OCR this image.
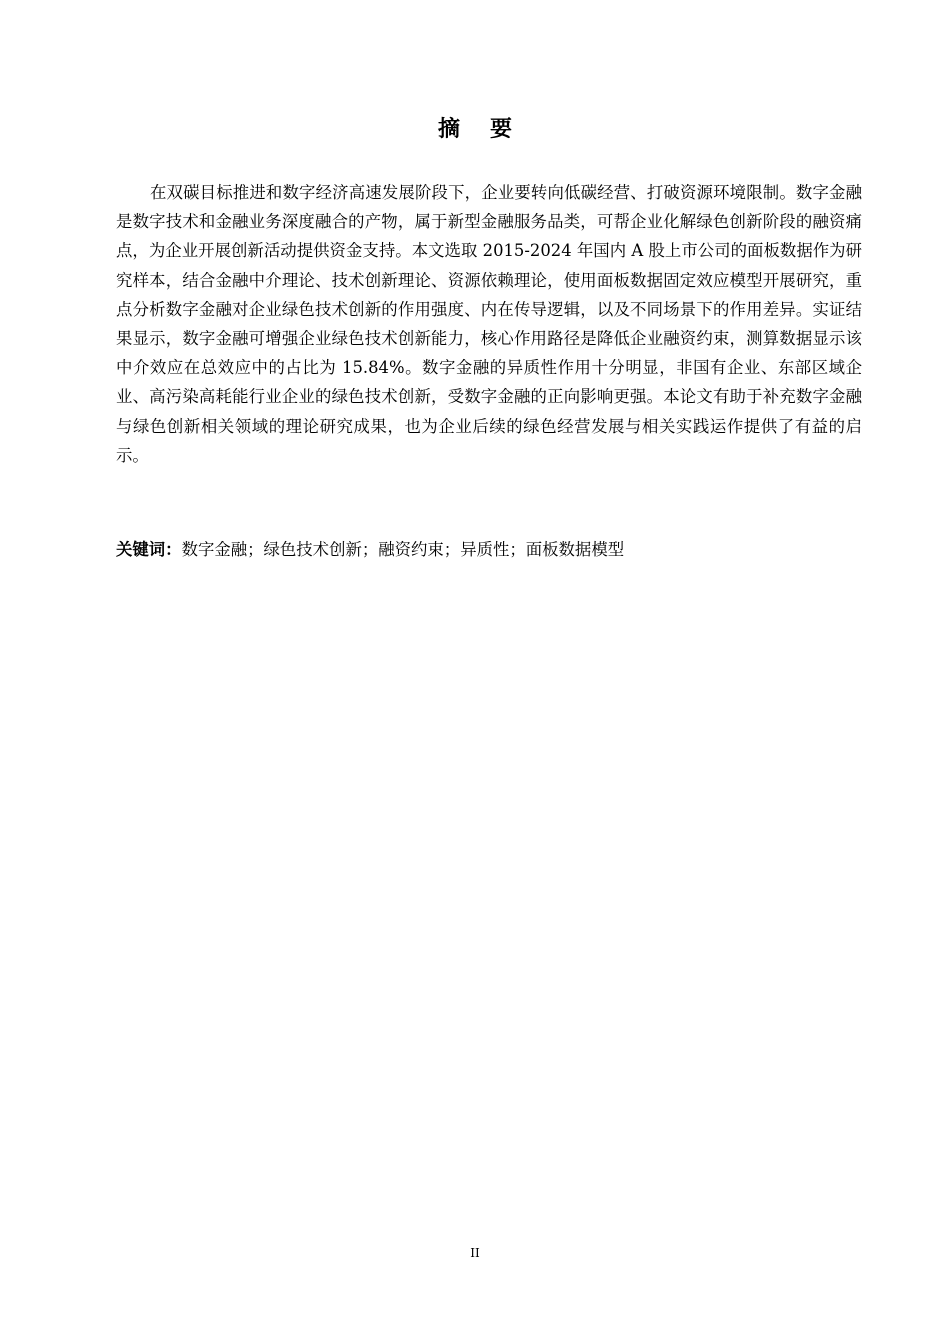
摘要

在双碳目标推进和数字经济高速发展阶段下，企业要转向低碳经营、打破资源环境限制。数字金融是数字技术和金融业务深度融合的产物，属于新型金融服务品类，可帮企业化解绿色创新阶段的融资痛点，为企业开展创新活动提供资金支持。本文选取 2015-2024 年国内 A 股上市公司的面板数据作为研究样本，结合金融中介理论、技术创新理论、资源依赖理论，使用面板数据固定效应模型开展研究，重点分析数字金融对企业绿色技术创新的作用强度、内在传导逻辑，以及不同场景下的作用差异。实证结果显示，数字金融可增强企业绿色技术创新能力，核心作用路径是降低企业融资约束，测算数据显示该中介效应在总效应中的占比为 15.84%。数字金融的异质性作用十分明显，非国有企业、东部区域企业、高污染高耗能行业企业的绿色技术创新，受数字金融的正向影响更强。本论文有助于补充数字金融与绿色创新相关领域的理论研究成果，也为企业后续的绿色经营发展与相关实践运作提供了有益的启示。

关键词：数字金融；绿色技术创新；融资约束；异质性；面板数据模型
II
